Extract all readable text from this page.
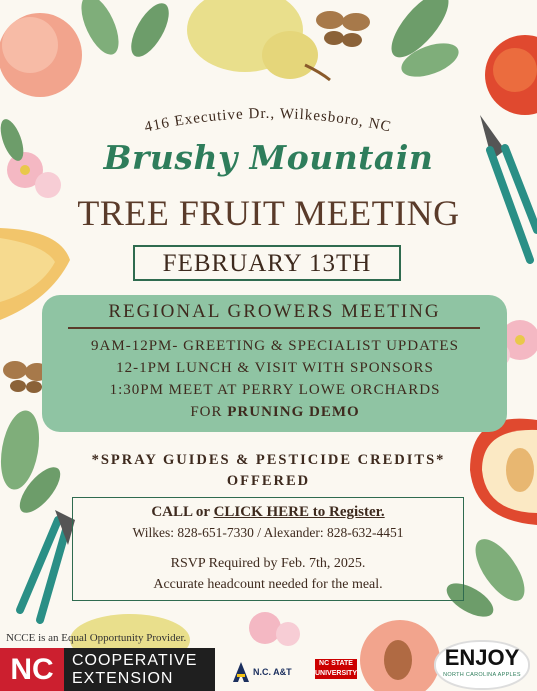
416 Executive Dr., Wilkesboro, NC
Brushy Mountain
TREE FRUIT MEETING
FEBRUARY 13TH
REGIONAL GROWERS MEETING
9AM-12PM- GREETING & SPECIALIST UPDATES
12-1PM LUNCH & VISIT WITH SPONSORS
1:30PM MEET AT PERRY LOWE ORCHARDS
FOR PRUNING DEMO
*SPRAY GUIDES & PESTICIDE CREDITS*
OFFERED
CALL or CLICK HERE to Register.
Wilkes: 828-651-7330 / Alexander: 828-632-4451
RSVP Required by Feb. 7th, 2025.
Accurate headcount needed for the meal.
NCCE is an Equal Opportunity Provider.
NC	COOPERATIVE
EXTENSION	N.C. A&T
NC STATE UNIVERSITY
ENJOY
NORTH CAROLINA APPLES
